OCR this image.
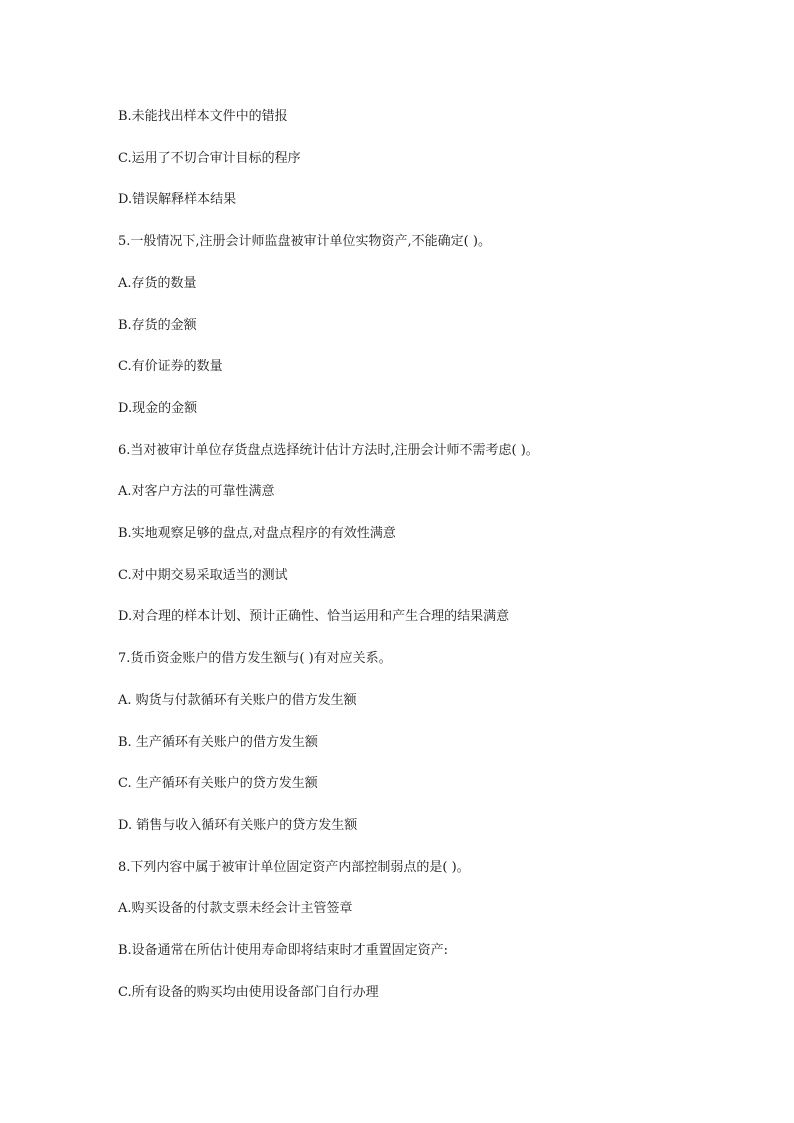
B.未能找出样本文件中的错报
C.运用了不切合审计目标的程序
D.错误解释样本结果
5.一般情况下,注册会计师监盘被审计单位实物资产,不能确定( )。
A.存货的数量
B.存货的金额
C.有价证券的数量
D.现金的金额
6.当对被审计单位存货盘点选择统计估计方法时,注册会计师不需考虑( )。
A.对客户方法的可靠性满意
B.实地观察足够的盘点,对盘点程序的有效性满意
C.对中期交易采取适当的测试
D.对合理的样本计划、预计正确性、恰当运用和产生合理的结果满意
7.货币资金账户的借方发生额与( )有对应关系。
A. 购货与付款循环有关账户的借方发生额
B. 生产循环有关账户的借方发生额
C. 生产循环有关账户的贷方发生额
D. 销售与收入循环有关账户的贷方发生额
8.下列内容中属于被审计单位固定资产内部控制弱点的是( )。
A.购买设备的付款支票未经会计主管签章
B.设备通常在所估计使用寿命即将结束时才重置固定资产:
C.所有设备的购买均由使用设备部门自行办理
